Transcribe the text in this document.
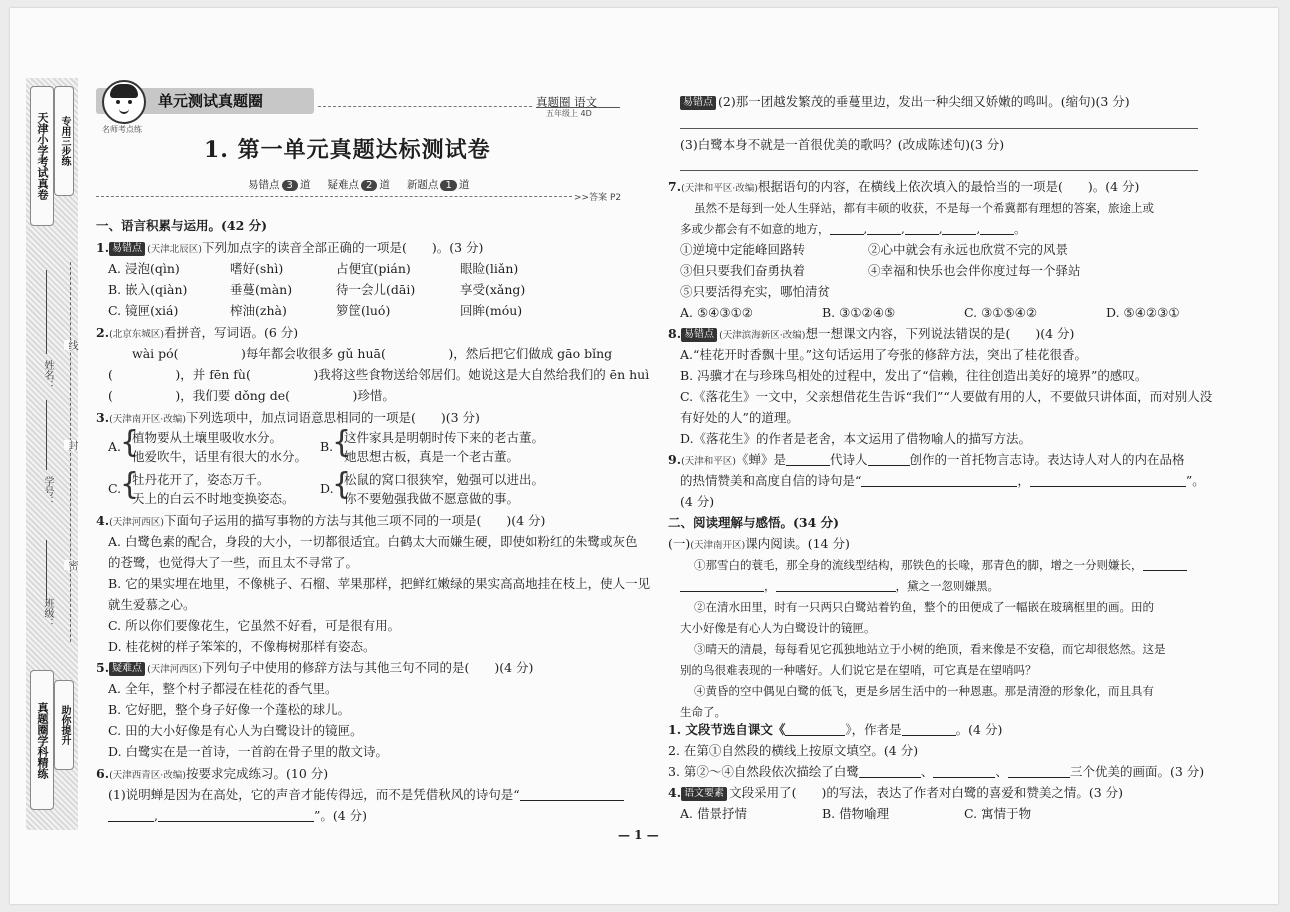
天津小学考试真卷	专用三步练
真题圈学科精练	助你提升
班级：
学号：
姓名：
密
封
线
单元测试真题圈
名师考点练
真题圈 语文
五年级上 4D
1. 第一单元真题达标测试卷
易错点 3 道 疑难点 2 道 新题点 1 道
>>答案 P2
一、语言积累与运用。(42 分)
1. 易错点 (天津北辰区)下列加点字的读音全部正确的一项是(　　)。(3 分)
A. 浸泡(qìn)	嗜好(shì)	占便宜(pián)	眼睑(liǎn)
B. 嵌入(qiàn)	垂蔓(màn)	待一会儿(dāi)	享受(xǎng)
C. 镜匣(xiá)	榨油(zhà)	箩筐(luó)	回眸(móu)
2.(北京东城区)看拼音，写词语。(6 分)
wài pó(　　　　　)每年都会收很多 gǔ huā(　　　　　)，然后把它们做成 gāo bǐng
(　　　　　)，并 fēn fù(　　　　　)我将这些食物送给邻居们。她说这是大自然给我们的 ēn huì
(　　　　　)，我们要 dǒng de(　　　　　)珍惜。
3.(天津南开区·改编)下列选项中，加点词语意思相同的一项是(　　)(3 分)
A.
{
植物要从土壤里吸收水分。
他爱吹牛，话里有很大的水分。
B.
{
这件家具是明朝时传下来的老古董。
她思想古板，真是一个老古董。
C.
{
牡丹花开了，姿态万千。
天上的白云不时地变换姿态。
D.
{
松鼠的窝口很狭窄，勉强可以进出。
你不要勉强我做不愿意做的事。
4.(天津河西区)下面句子运用的描写事物的方法与其他三项不同的一项是(　　)(4 分)
A. 白鹭色素的配合，身段的大小，一切都很适宜。白鹤太大而嫌生硬，即使如粉红的朱鹭或灰色
的苍鹭，也觉得大了一些，而且太不寻常了。
B. 它的果实埋在地里，不像桃子、石榴、苹果那样，把鲜红嫩绿的果实高高地挂在枝上，使人一见
就生爱慕之心。
C. 所以你们要像花生，它虽然不好看，可是很有用。
D. 桂花树的样子笨笨的，不像梅树那样有姿态。
5. 疑难点 (天津河西区)下列句子中使用的修辞方法与其他三句不同的是(　　)(4 分)
A. 全年，整个村子都浸在桂花的香气里。
B. 它好肥，整个身子好像一个蓬松的球儿。
C. 田的大小好像是有心人为白鹭设计的镜匣。
D. 白鹭实在是一首诗，一首韵在骨子里的散文诗。
6.(天津西青区·改编)按要求完成练习。(10 分)
(1)说明蝉是因为在高处，它的声音才能传得远，而不是凭借秋风的诗句是“
,	”。(4 分)
易错点 (2)那一团越发繁茂的垂蔓里边，发出一种尖细又娇嫩的鸣叫。(缩句)(3 分)
(3)白鹭本身不就是一首很优美的歌吗？(改成陈述句)(3 分)
7.(天津和平区·改编)根据语句的内容，在横线上依次填入的最恰当的一项是(　　)。(4 分)
虽然不是每到一处人生驿站，都有丰硕的收获，不是每一个希冀都有理想的答案，旅途上或
多或少都会有不如意的地方，	,	,	,	,	。
①逆境中定能峰回路转	②心中就会有永远也欣赏不完的风景
③但只要我们奋勇执着	④幸福和快乐也会伴你度过每一个驿站
⑤只要活得充实，哪怕清贫
A. ⑤④③①②	B. ③①②④⑤	C. ③①⑤④②	D. ⑤④②③①
8. 易错点 (天津滨海新区·改编)想一想课文内容，下列说法错误的是(　　)(4 分)
A.“桂花开时香飘十里。”这句话运用了夸张的修辞方法，突出了桂花很香。
B. 冯骥才在与珍珠鸟相处的过程中，发出了“信赖，往往创造出美好的境界”的感叹。
C.《落花生》一文中，父亲想借花生告诉“我们”“人要做有用的人，不要做只讲体面，而对别人没
有好处的人”的道理。
D.《落花生》的作者是老舍，本文运用了借物喻人的描写方法。
9.(天津和平区)《蝉》是	代诗人	创作的一首托物言志诗。表达诗人对人的内在品格
的热情赞美和高度自信的诗句是“	，	”。
(4 分)
二、阅读理解与感悟。(34 分)
(一)(天津南开区)课内阅读。(14 分)
①那雪白的蓑毛，那全身的流线型结构，那铁色的长喙，那青色的脚，增之一分则嫌长，
，	，黛之一忽则嫌黑。
②在清水田里，时有一只两只白鹭站着钓鱼，整个的田便成了一幅嵌在玻璃框里的画。田的
大小好像是有心人为白鹭设计的镜匣。
③晴天的清晨，每每看见它孤独地站立于小树的绝顶，看来像是不安稳，而它却很悠然。这是
别的鸟很难表现的一种嗜好。人们说它是在望哨，可它真是在望哨吗？
④黄昏的空中偶见白鹭的低飞，更是乡居生活中的一种恩惠。那是清澄的形象化，而且具有
生命了。
1. 文段节选自课文《	》，作者是	。(4 分)
2. 在第①自然段的横线上按原文填空。(4 分)
3. 第②～④自然段依次描绘了白鹭	、	、	三个优美的画面。(3 分)
4. 语文要素 文段采用了(　　)的写法，表达了作者对白鹭的喜爱和赞美之情。(3 分)
A. 借景抒情	B. 借物喻理	C. 寓情于物
— 1 —
